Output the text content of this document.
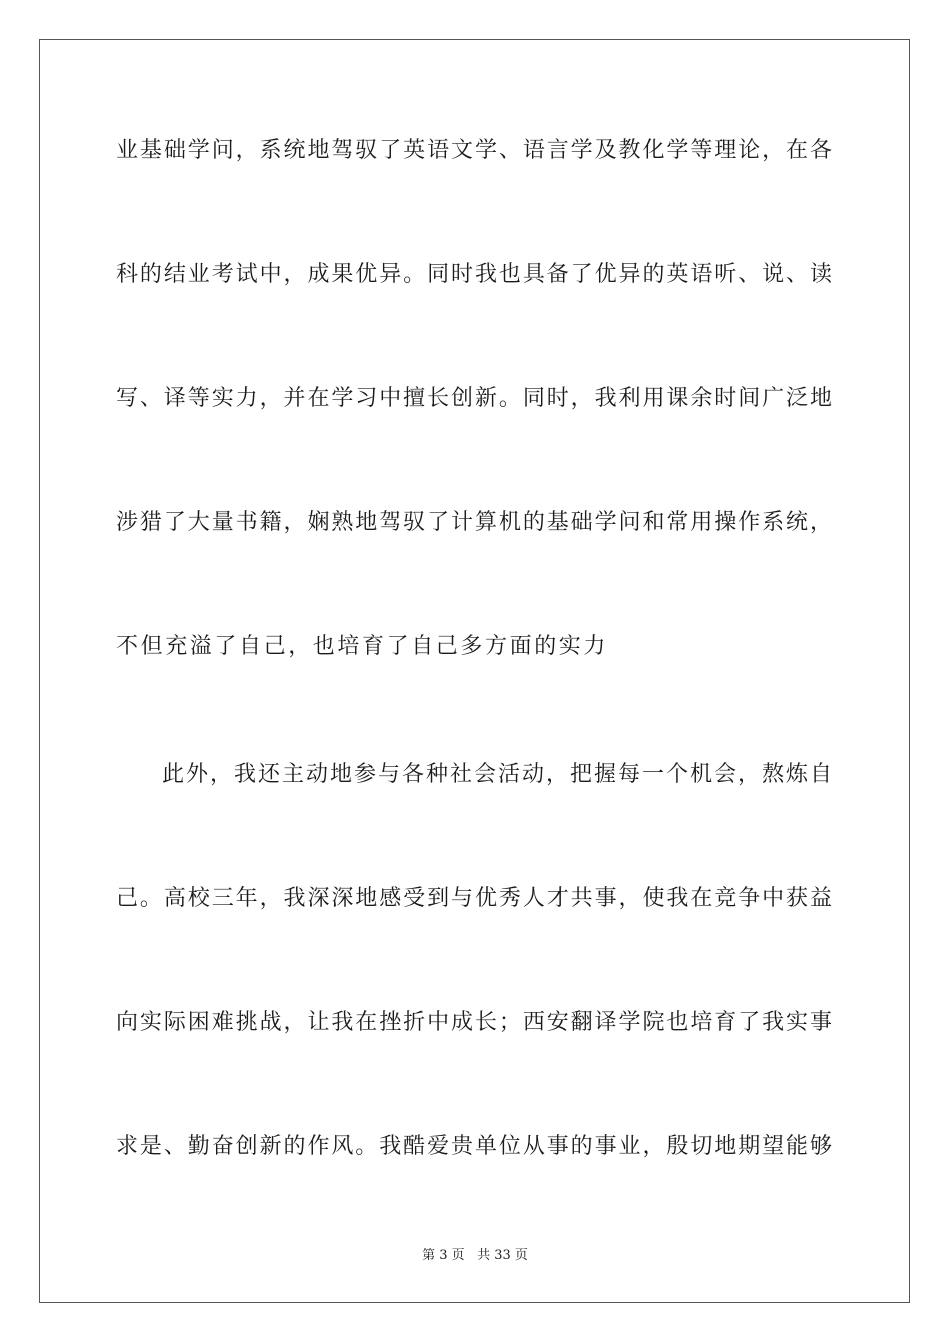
业基础学问，系统地驾驭了英语文学、语言学及教化学等理论，在各
科的结业考试中，成果优异。同时我也具备了优异的英语听、说、读
写、译等实力，并在学习中擅长创新。同时，我利用课余时间广泛地
涉猎了大量书籍，娴熟地驾驭了计算机的基础学问和常用操作系统，
不但充溢了自己，也培育了自己多方面的实力
此外，我还主动地参与各种社会活动，把握每一个机会，熬炼自
己。高校三年，我深深地感受到与优秀人才共事，使我在竞争中获益
向实际困难挑战，让我在挫折中成长；西安翻译学院也培育了我实事
求是、勤奋创新的作风。我酷爱贵单位从事的事业，殷切地期望能够
第 3 页 共 33 页
